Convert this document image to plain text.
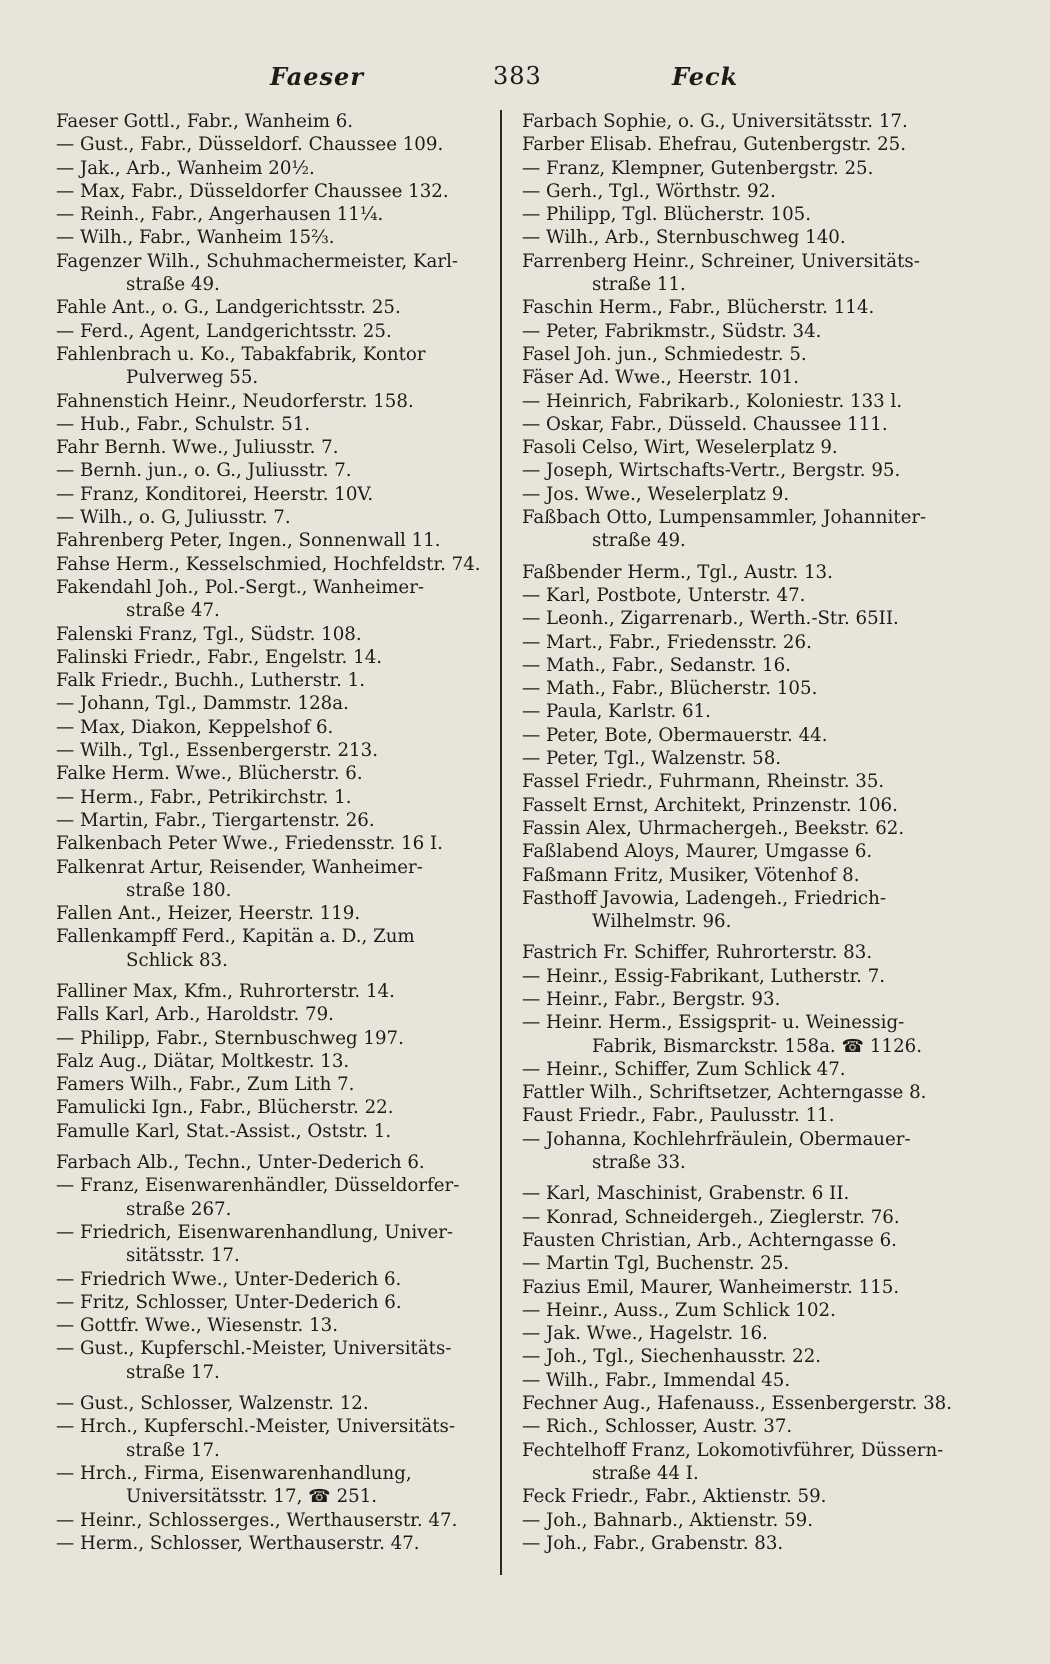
Faeser	383	Feck
Faeser Gottl., Fabr., Wanheim 6.
— Gust., Fabr., Düsseldorf. Chaussee 109.
— Jak., Arb., Wanheim 20½.
— Max, Fabr., Düsseldorfer Chaussee 132.
— Reinh., Fabr., Angerhausen 11¼.
— Wilh., Fabr., Wanheim 15⅔.
Fagenzer Wilh., Schuhmachermeister, Karl-
straße 49.
Fahle Ant., o. G., Landgerichtsstr. 25.
— Ferd., Agent, Landgerichtsstr. 25.
Fahlenbrach u. Ko., Tabakfabrik, Kontor
Pulverweg 55.
Fahnenstich Heinr., Neudorferstr. 158.
— Hub., Fabr., Schulstr. 51.
Fahr Bernh. Wwe., Juliusstr. 7.
— Bernh. jun., o. G., Juliusstr. 7.
— Franz, Konditorei, Heerstr. 10V.
— Wilh., o. G, Juliusstr. 7.
Fahrenberg Peter, Ingen., Sonnenwall 11.
Fahse Herm., Kesselschmied, Hochfeldstr. 74.
Fakendahl Joh., Pol.-Sergt., Wanheimer-
straße 47.
Falenski Franz, Tgl., Südstr. 108.
Falinski Friedr., Fabr., Engelstr. 14.
Falk Friedr., Buchh., Lutherstr. 1.
— Johann, Tgl., Dammstr. 128a.
— Max, Diakon, Keppelshof 6.
— Wilh., Tgl., Essenbergerstr. 213.
Falke Herm. Wwe., Blücherstr. 6.
— Herm., Fabr., Petrikirchstr. 1.
— Martin, Fabr., Tiergartenstr. 26.
Falkenbach Peter Wwe., Friedensstr. 16 I.
Falkenrat Artur, Reisender, Wanheimer-
straße 180.
Fallen Ant., Heizer, Heerstr. 119.
Fallenkampff Ferd., Kapitän a. D., Zum
Schlick 83.
Falliner Max, Kfm., Ruhrorterstr. 14.
Falls Karl, Arb., Haroldstr. 79.
— Philipp, Fabr., Sternbuschweg 197.
Falz Aug., Diätar, Moltkestr. 13.
Famers Wilh., Fabr., Zum Lith 7.
Famulicki Ign., Fabr., Blücherstr. 22.
Famulle Karl, Stat.-Assist., Oststr. 1.
Farbach Alb., Techn., Unter-Dederich 6.
— Franz, Eisenwarenhändler, Düsseldorfer-
straße 267.
— Friedrich, Eisenwarenhandlung, Univer-
sitätsstr. 17.
— Friedrich Wwe., Unter-Dederich 6.
— Fritz, Schlosser, Unter-Dederich 6.
— Gottfr. Wwe., Wiesenstr. 13.
— Gust., Kupferschl.-Meister, Universitäts-
straße 17.
— Gust., Schlosser, Walzenstr. 12.
— Hrch., Kupferschl.-Meister, Universitäts-
straße 17.
— Hrch., Firma, Eisenwarenhandlung,
Universitätsstr. 17, ☎ 251.
— Heinr., Schlosserges., Werthauserstr. 47.
— Herm., Schlosser, Werthauserstr. 47.
Farbach Sophie, o. G., Universitätsstr. 17.
Farber Elisab. Ehefrau, Gutenbergstr. 25.
— Franz, Klempner, Gutenbergstr. 25.
— Gerh., Tgl., Wörthstr. 92.
— Philipp, Tgl. Blücherstr. 105.
— Wilh., Arb., Sternbuschweg 140.
Farrenberg Heinr., Schreiner, Universitäts-
straße 11.
Faschin Herm., Fabr., Blücherstr. 114.
— Peter, Fabrikmstr., Südstr. 34.
Fasel Joh. jun., Schmiedestr. 5.
Fäser Ad. Wwe., Heerstr. 101.
— Heinrich, Fabrikarb., Koloniestr. 133 l.
— Oskar, Fabr., Düsseld. Chaussee 111.
Fasoli Celso, Wirt, Weselerplatz 9.
— Joseph, Wirtschafts-Vertr., Bergstr. 95.
— Jos. Wwe., Weselerplatz 9.
Faßbach Otto, Lumpensammler, Johanniter-
straße 49.
Faßbender Herm., Tgl., Austr. 13.
— Karl, Postbote, Unterstr. 47.
— Leonh., Zigarrenarb., Werth.-Str. 65II.
— Mart., Fabr., Friedensstr. 26.
— Math., Fabr., Sedanstr. 16.
— Math., Fabr., Blücherstr. 105.
— Paula, Karlstr. 61.
— Peter, Bote, Obermauerstr. 44.
— Peter, Tgl., Walzenstr. 58.
Fassel Friedr., Fuhrmann, Rheinstr. 35.
Fasselt Ernst, Architekt, Prinzenstr. 106.
Fassin Alex, Uhrmachergeh., Beekstr. 62.
Faßlabend Aloys, Maurer, Umgasse 6.
Faßmann Fritz, Musiker, Vötenhof 8.
Fasthoff Javowia, Ladengeh., Friedrich-
Wilhelmstr. 96.
Fastrich Fr. Schiffer, Ruhrorterstr. 83.
— Heinr., Essig-Fabrikant, Lutherstr. 7.
— Heinr., Fabr., Bergstr. 93.
— Heinr. Herm., Essigsprit- u. Weinessig-
Fabrik, Bismarckstr. 158a. ☎ 1126.
— Heinr., Schiffer, Zum Schlick 47.
Fattler Wilh., Schriftsetzer, Achterngasse 8.
Faust Friedr., Fabr., Paulusstr. 11.
— Johanna, Kochlehrfräulein, Obermauer-
straße 33.
— Karl, Maschinist, Grabenstr. 6 II.
— Konrad, Schneidergeh., Zieglerstr. 76.
Fausten Christian, Arb., Achterngasse 6.
— Martin Tgl, Buchenstr. 25.
Fazius Emil, Maurer, Wanheimerstr. 115.
— Heinr., Auss., Zum Schlick 102.
— Jak. Wwe., Hagelstr. 16.
— Joh., Tgl., Siechenhausstr. 22.
— Wilh., Fabr., Immendal 45.
Fechner Aug., Hafenauss., Essenbergerstr. 38.
— Rich., Schlosser, Austr. 37.
Fechtelhoff Franz, Lokomotivführer, Düssern-
straße 44 I.
Feck Friedr., Fabr., Aktienstr. 59.
— Joh., Bahnarb., Aktienstr. 59.
— Joh., Fabr., Grabenstr. 83.
